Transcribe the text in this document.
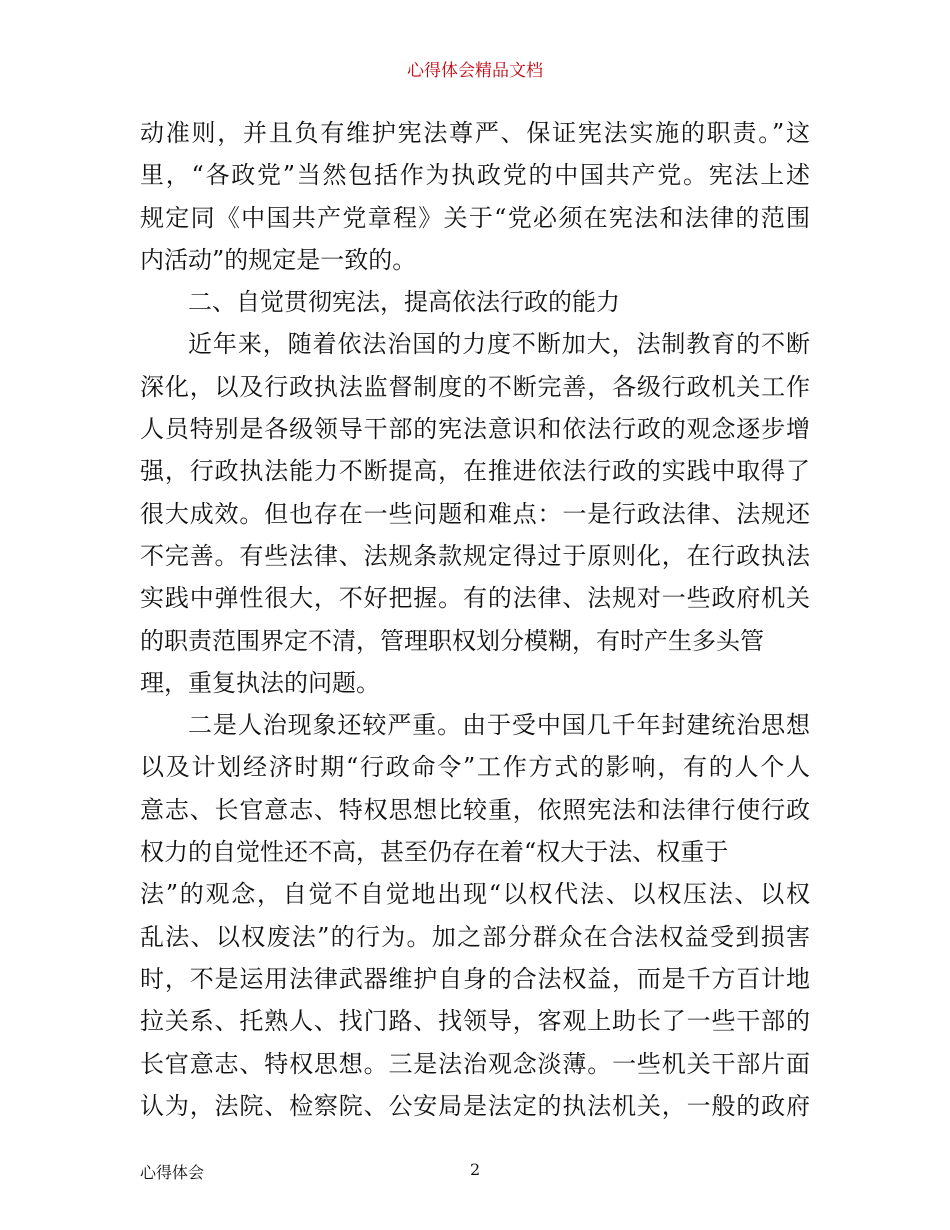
心得体会精品文档
动准则，并且负有维护宪法尊严、保证宪法实施的职责。”这
里，“各政党”当然包括作为执政党的中国共产党。宪法上述
规定同《中国共产党章程》关于“党必须在宪法和法律的范围
内活动”的规定是一致的。
二、自觉贯彻宪法，提高依法行政的能力
近年来，随着依法治国的力度不断加大，法制教育的不断
深化，以及行政执法监督制度的不断完善，各级行政机关工作
人员特别是各级领导干部的宪法意识和依法行政的观念逐步增
强，行政执法能力不断提高，在推进依法行政的实践中取得了
很大成效。但也存在一些问题和难点：一是行政法律、法规还
不完善。有些法律、法规条款规定得过于原则化，在行政执法
实践中弹性很大，不好把握。有的法律、法规对一些政府机关
的职责范围界定不清，管理职权划分模糊，有时产生多头管
理，重复执法的问题。
二是人治现象还较严重。由于受中国几千年封建统治思想
以及计划经济时期“行政命令”工作方式的影响，有的人个人
意志、长官意志、特权思想比较重，依照宪法和法律行使行政
权力的自觉性还不高，甚至仍存在着“权大于法、权重于
法”的观念，自觉不自觉地出现“以权代法、以权压法、以权
乱法、以权废法”的行为。加之部分群众在合法权益受到损害
时，不是运用法律武器维护自身的合法权益，而是千方百计地
拉关系、托熟人、找门路、找领导，客观上助长了一些干部的
长官意志、特权思想。三是法治观念淡薄。一些机关干部片面
认为，法院、检察院、公安局是法定的执法机关，一般的政府
心得体会	2
